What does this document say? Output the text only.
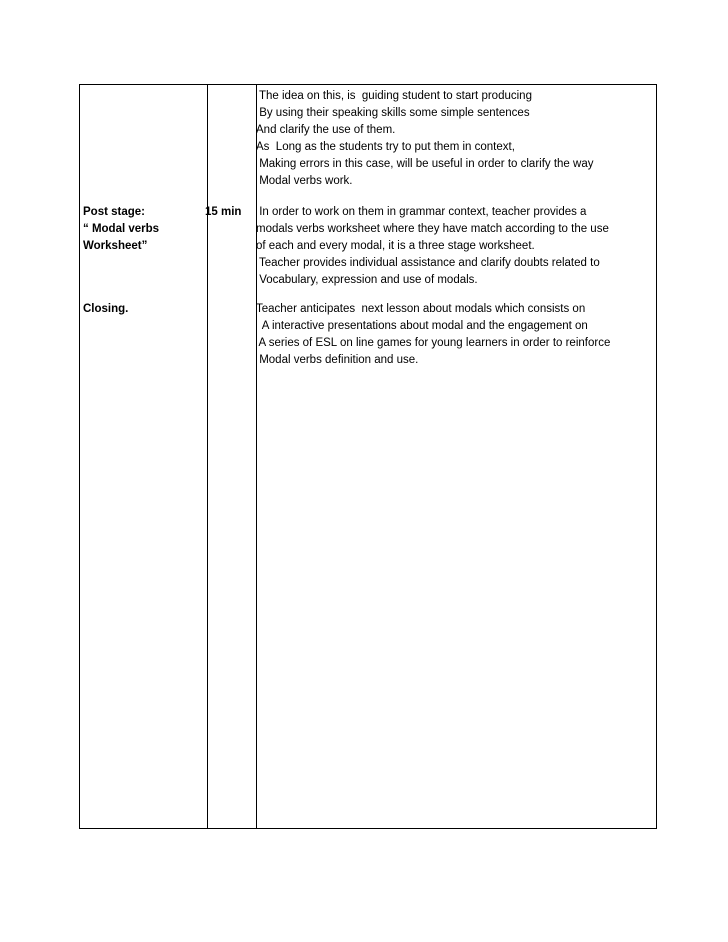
The idea on this, is  guiding student to start producing
By using their speaking skills some simple sentences
And clarify the use of them.
As  Long as the students try to put them in context,
Making errors in this case, will be useful in order to clarify the way
Modal verbs work.
Post stage:
“ Modal verbs
Worksheet”
15 min In order to work on them in grammar context, teacher provides a
modals verbs worksheet where they have match according to the use
of each and every modal, it is a three stage worksheet.
Teacher provides individual assistance and clarify doubts related to
Vocabulary, expression and use of modals.
Closing.	Teacher anticipates  next lesson about modals which consists on
A interactive presentations about modal and the engagement on
A series of ESL on line games for young learners in order to reinforce
Modal verbs definition and use.
